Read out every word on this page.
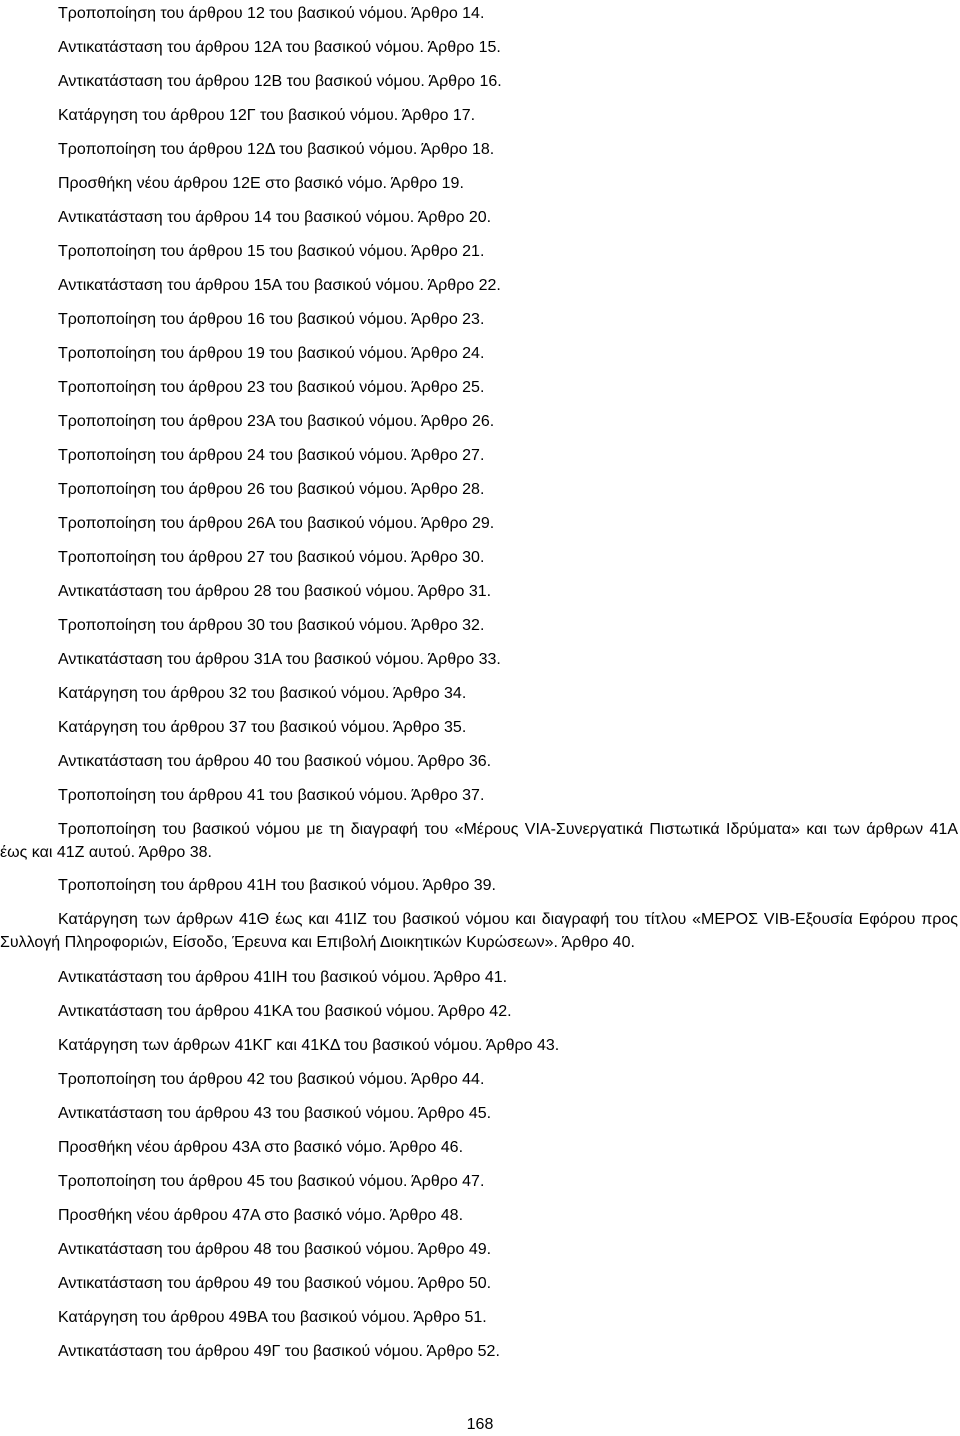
Τροποποίηση του άρθρου 12 του βασικού νόμου. Άρθρο 14.
Αντικατάσταση του άρθρου 12Α του βασικού νόμου. Άρθρο 15.
Αντικατάσταση του άρθρου 12Β του βασικού νόμου. Άρθρο 16.
Κατάργηση του άρθρου 12Γ του βασικού νόμου. Άρθρο 17.
Τροποποίηση του άρθρου 12Δ του βασικού νόμου. Άρθρο 18.
Προσθήκη νέου άρθρου 12Ε στο βασικό νόμο. Άρθρο 19.
Αντικατάσταση του άρθρου 14 του βασικού νόμου. Άρθρο 20.
Τροποποίηση του άρθρου 15 του βασικού νόμου. Άρθρο 21.
Αντικατάσταση του άρθρου 15Α του βασικού νόμου. Άρθρο 22.
Τροποποίηση του άρθρου 16 του βασικού νόμου. Άρθρο 23.
Τροποποίηση του άρθρου 19 του βασικού νόμου. Άρθρο 24.
Τροποποίηση του άρθρου 23 του βασικού νόμου. Άρθρο 25.
Τροποποίηση του άρθρου 23Α του βασικού νόμου. Άρθρο 26.
Τροποποίηση του άρθρου 24 του βασικού νόμου. Άρθρο 27.
Τροποποίηση του άρθρου 26 του βασικού νόμου. Άρθρο 28.
Τροποποίηση του άρθρου 26Α του βασικού νόμου. Άρθρο 29.
Τροποποίηση του άρθρου 27 του βασικού νόμου. Άρθρο 30.
Αντικατάσταση του άρθρου 28 του βασικού νόμου. Άρθρο 31.
Τροποποίηση του άρθρου 30 του βασικού νόμου. Άρθρο 32.
Αντικατάσταση του άρθρου 31Α του βασικού νόμου. Άρθρο 33.
Κατάργηση του άρθρου 32 του βασικού νόμου. Άρθρο 34.
Κατάργηση του άρθρου 37 του βασικού νόμου. Άρθρο 35.
Αντικατάσταση του άρθρου 40 του βασικού νόμου. Άρθρο 36.
Τροποποίηση του άρθρου 41 του βασικού νόμου. Άρθρο 37.

Τροποποίηση του βασικού νόμου με τη διαγραφή του «Μέρους VIA-Συνεργατικά Πιστωτικά Ιδρύματα» και των άρθρων 41Α έως και 41Ζ αυτού. Άρθρο 38.

Τροποποίηση του άρθρου 41Η του βασικού νόμου. Άρθρο 39.

Κατάργηση των άρθρων 41Θ έως και 41ΙΖ του βασικού νόμου και διαγραφή του τίτλου «ΜΕΡΟΣ VIB-Εξουσία Εφόρου προς Συλλογή Πληροφοριών, Είσοδο, Έρευνα και Επιβολή Διοικητικών Κυρώσεων». Άρθρο 40.

Αντικατάσταση του άρθρου 41ΙΗ του βασικού νόμου. Άρθρο 41.
Αντικατάσταση του άρθρου 41ΚΑ του βασικού νόμου. Άρθρο 42.
Κατάργηση των άρθρων 41ΚΓ και 41ΚΔ του βασικού νόμου. Άρθρο 43.
Τροποποίηση του άρθρου 42 του βασικού νόμου. Άρθρο 44.
Αντικατάσταση του άρθρου 43 του βασικού νόμου. Άρθρο 45.
Προσθήκη νέου άρθρου 43Α στο βασικό νόμο. Άρθρο 46.
Τροποποίηση του άρθρου 45 του βασικού νόμου. Άρθρο 47.
Προσθήκη νέου άρθρου 47Α στο βασικό νόμο. Άρθρο 48.
Αντικατάσταση του άρθρου 48 του βασικού νόμου. Άρθρο 49.
Αντικατάσταση του άρθρου 49 του βασικού νόμου. Άρθρο 50.
Κατάργηση του άρθρου 49ΒΑ του βασικού νόμου. Άρθρο 51.
Αντικατάσταση του άρθρου 49Γ του βασικού νόμου. Άρθρο 52.
168
